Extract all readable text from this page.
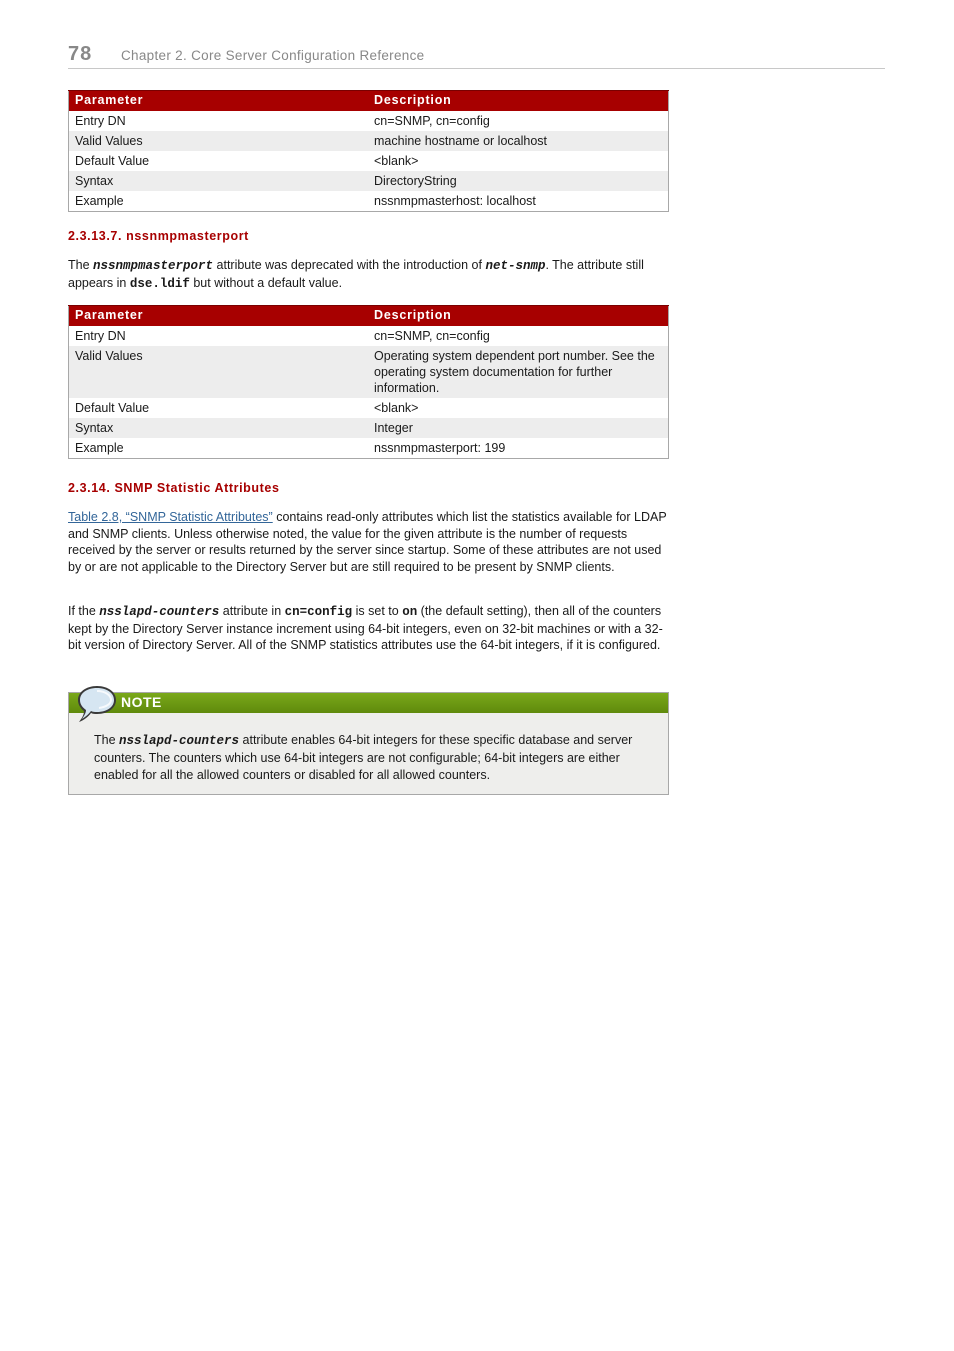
78 Chapter 2. Core Server Configuration Reference
Parameter	Description
Entry DN	cn=SNMP, cn=config
Valid Values	machine hostname or localhost
Default Value	<blank>
Syntax	DirectoryString
Example	nssnmpmasterhost: localhost
2.3.13.7. nssnmpmasterport
The nssnmpmasterport attribute was deprecated with the introduction of net-snmp. The attribute still appears in dse.ldif but without a default value.
Parameter	Description
Entry DN	cn=SNMP, cn=config
Valid Values	Operating system dependent port number. See the operating system documentation for further information.
Default Value	<blank>
Syntax	Integer
Example	nssnmpmasterport: 199
2.3.14. SNMP Statistic Attributes
Table 2.8, “SNMP Statistic Attributes” contains read-only attributes which list the statistics available for LDAP and SNMP clients. Unless otherwise noted, the value for the given attribute is the number of requests received by the server or results returned by the server since startup. Some of these attributes are not used by or are not applicable to the Directory Server but are still required to be present by SNMP clients.
If the nsslapd-counters attribute in cn=config is set to on (the default setting), then all of the counters kept by the Directory Server instance increment using 64-bit integers, even on 32-bit machines or with a 32-bit version of Directory Server. All of the SNMP statistics attributes use the 64-bit integers, if it is configured.
NOTE
The nsslapd-counters attribute enables 64-bit integers for these specific database and server counters. The counters which use 64-bit integers are not configurable; 64-bit integers are either enabled for all the allowed counters or disabled for all allowed counters.
